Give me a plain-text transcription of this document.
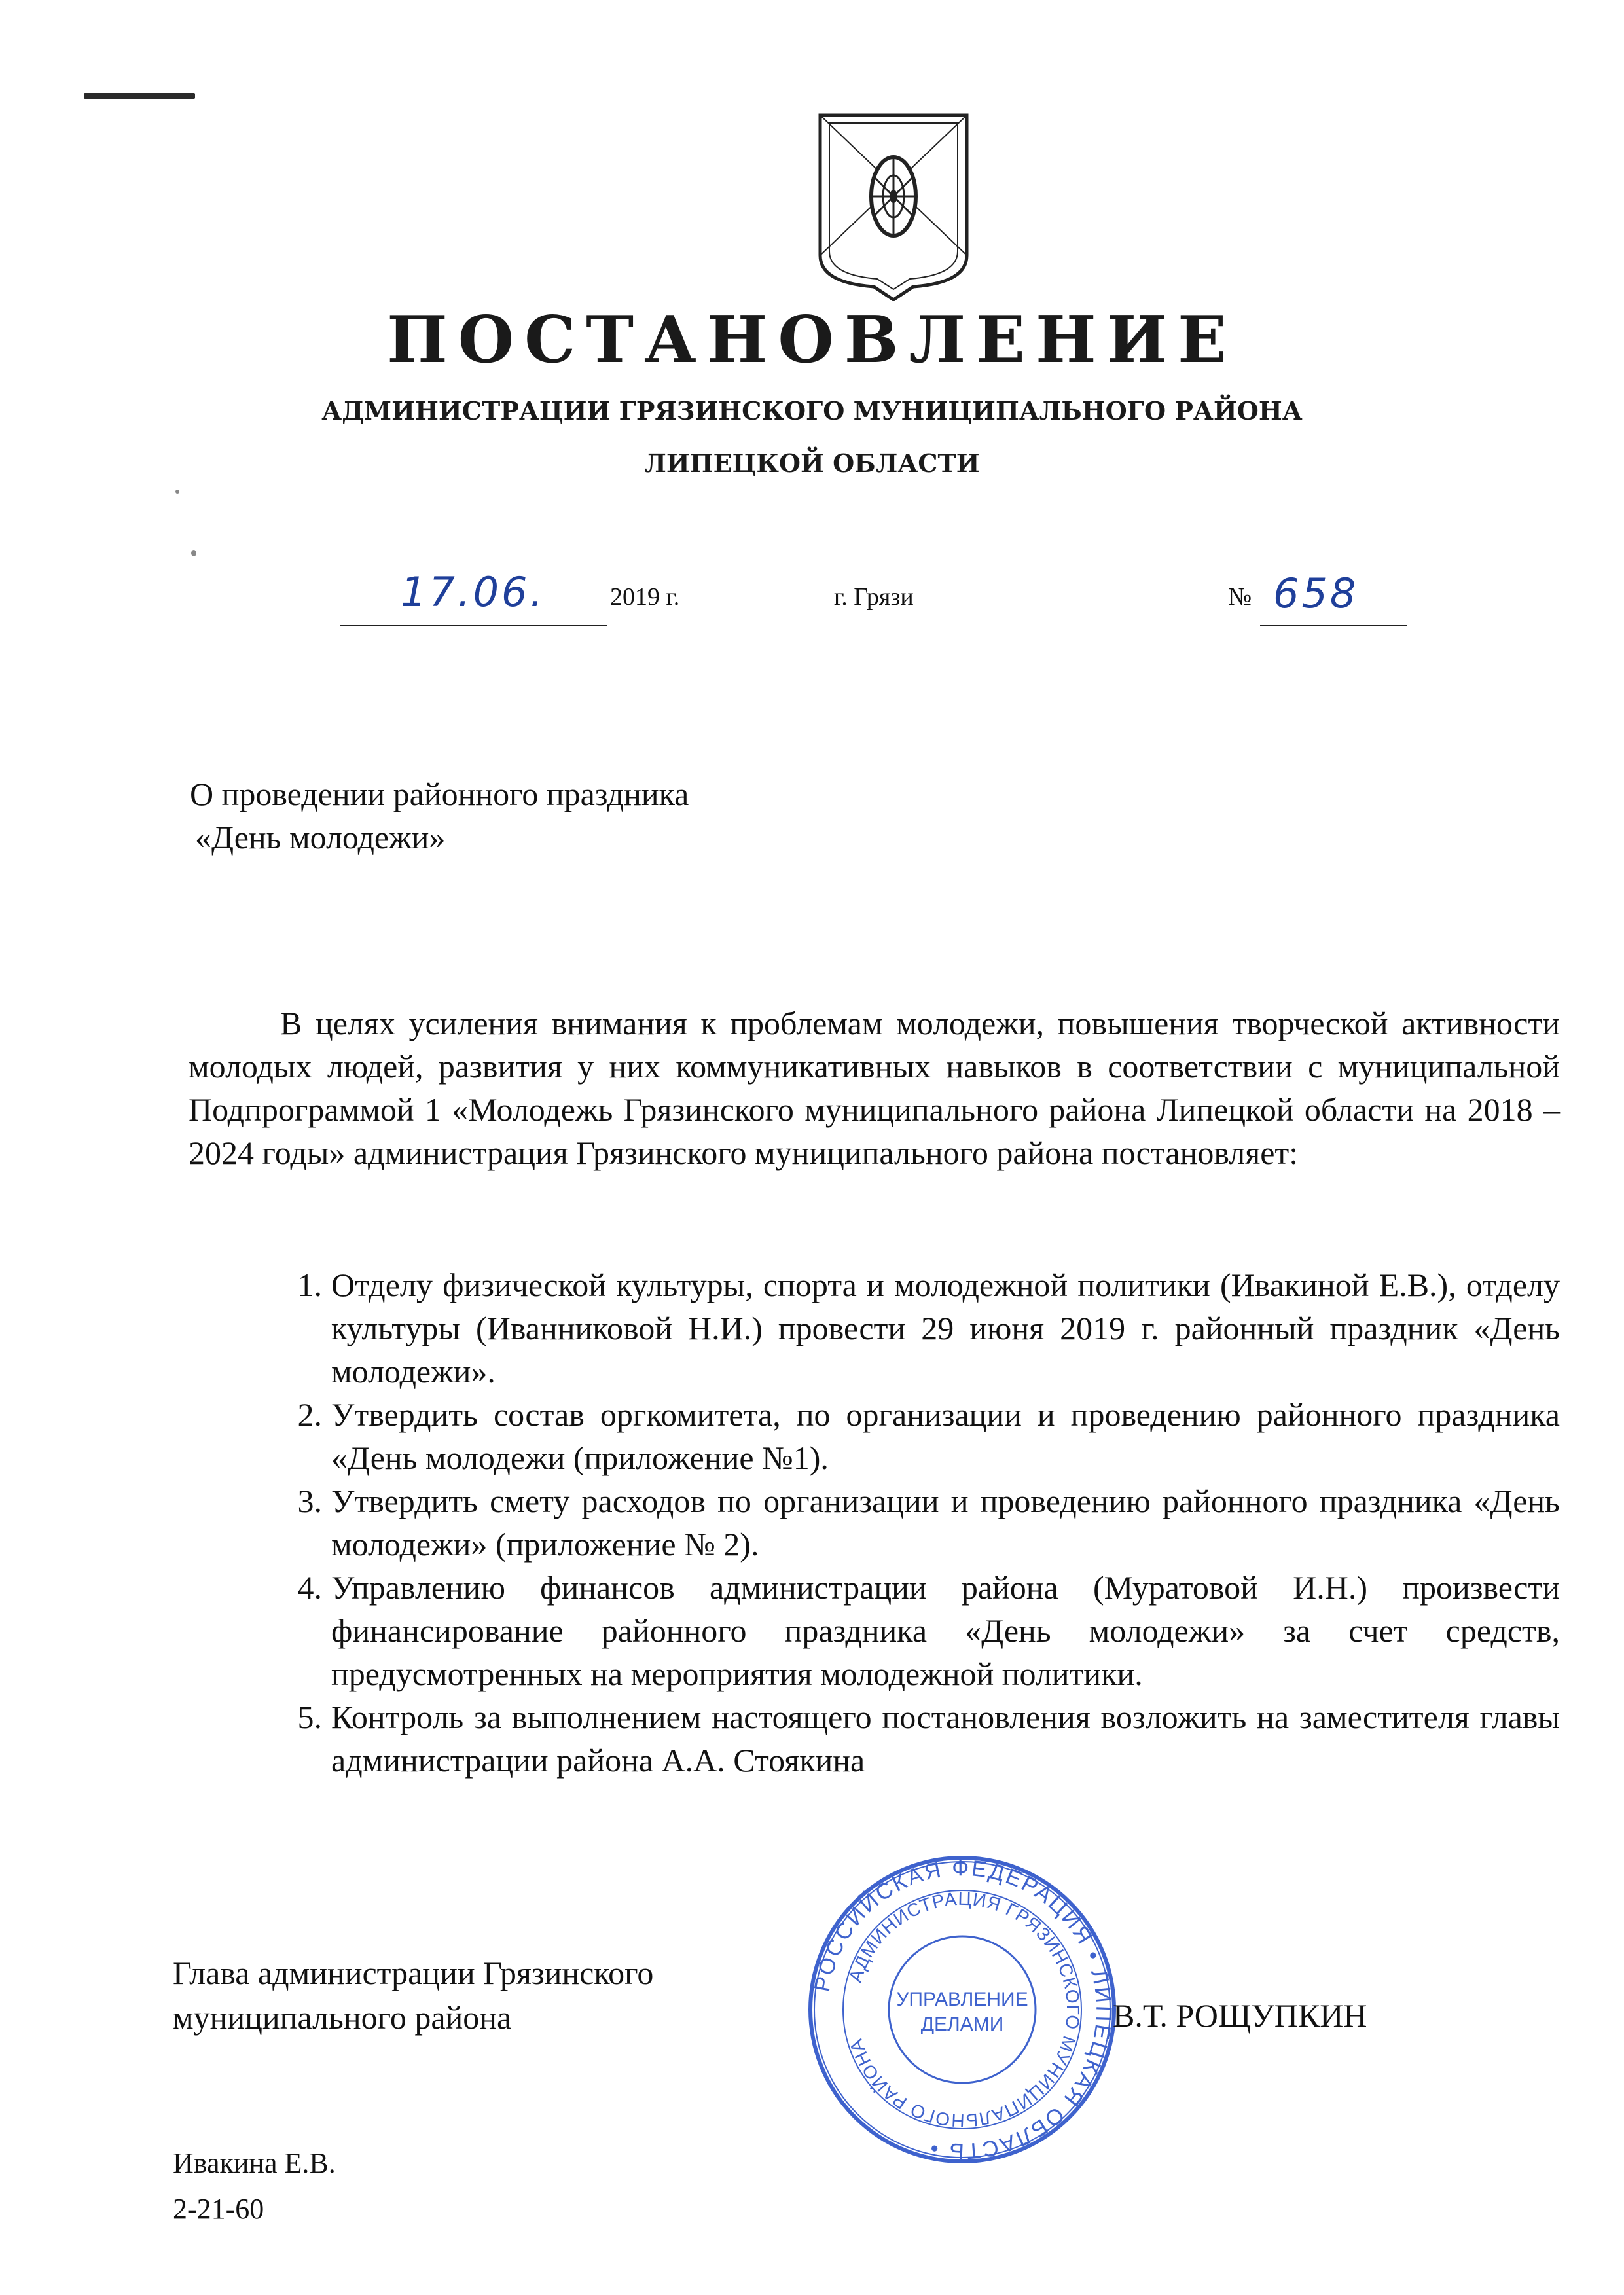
ПОСТАНОВЛЕНИЕ
АДМИНИСТРАЦИИ ГРЯЗИНСКОГО МУНИЦИПАЛЬНОГО РАЙОНА
ЛИПЕЦКОЙ ОБЛАСТИ
17.06.	2019 г.	г. Грязи	№ 658
О проведении районного праздника
«День молодежи»

В целях усиления внимания к проблемам молодежи, повышения творческой активности молодых людей, развития у них коммуникативных навыков в соответствии с муниципальной Подпрограммой 1 «Молодежь Грязинского муниципального района Липецкой области на 2018 – 2024 годы» администрация Грязинского муниципального района постановляет:

1. Отделу физической культуры, спорта и молодежной политики (Ивакиной Е.В.), отделу культуры (Иванниковой Н.И.) провести 29 июня 2019 г. районный праздник «День молодежи».
2. Утвердить состав оргкомитета, по организации и проведению районного праздника «День молодежи (приложение №1).
3. Утвердить смету расходов по организации и проведению районного праздника «День молодежи» (приложение № 2).
4. Управлению финансов администрации района (Муратовой И.Н.) произвести финансирование районного праздника «День молодежи» за счет средств, предусмотренных на мероприятия молодежной политики.
5. Контроль за выполнением настоящего постановления возложить на заместителя главы администрации района А.А. Стоякина
Глава администрации Грязинского
муниципального района
РОССИЙСКАЯ ФЕДЕРАЦИЯ • ЛИПЕЦКАЯ ОБЛАСТЬ •
АДМИНИСТРАЦИЯ ГРЯЗИНСКОГО МУНИЦИПАЛЬНОГО РАЙОНА
УПРАВЛЕНИЕ
ДЕЛАМИ	В.Т. РОЩУПКИН
Ивакина Е.В.
2-21-60
